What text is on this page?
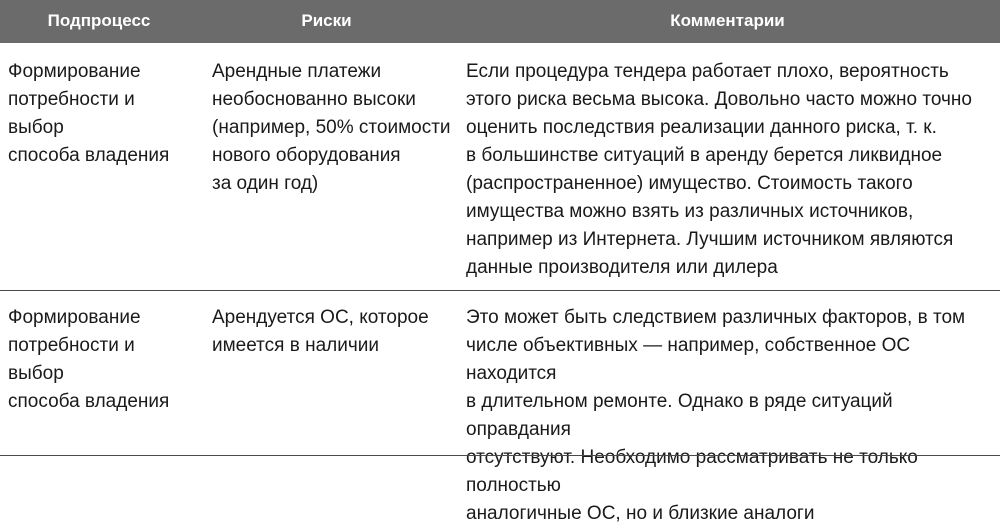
Подпроцесс	Риски	Комментарии
Формирование
потребности и выбор
способа владения
Арендные платежи
необоснованно высоки
(например, 50% стоимости
нового оборудования
за один год)
Если процедура тендера работает плохо, вероятность
этого риска весьма высока. Довольно часто можно точно
оценить последствия реализации данного риска, т. к.
в большинстве ситуаций в аренду берется ликвидное
(распространенное) имущество. Стоимость такого
имущества можно взять из различных источников,
например из Интернета. Лучшим источником являются
данные производителя или дилера
Формирование
потребности и выбор
способа владения
Арендуется ОС, которое
имеется в наличии
Это может быть следствием различных факторов, в том
числе объективных — например, собственное ОС находится
в длительном ремонте. Однако в ряде ситуаций оправдания
отсутствуют. Необходимо рассматривать не только полностью
аналогичные ОС, но и близкие аналоги
